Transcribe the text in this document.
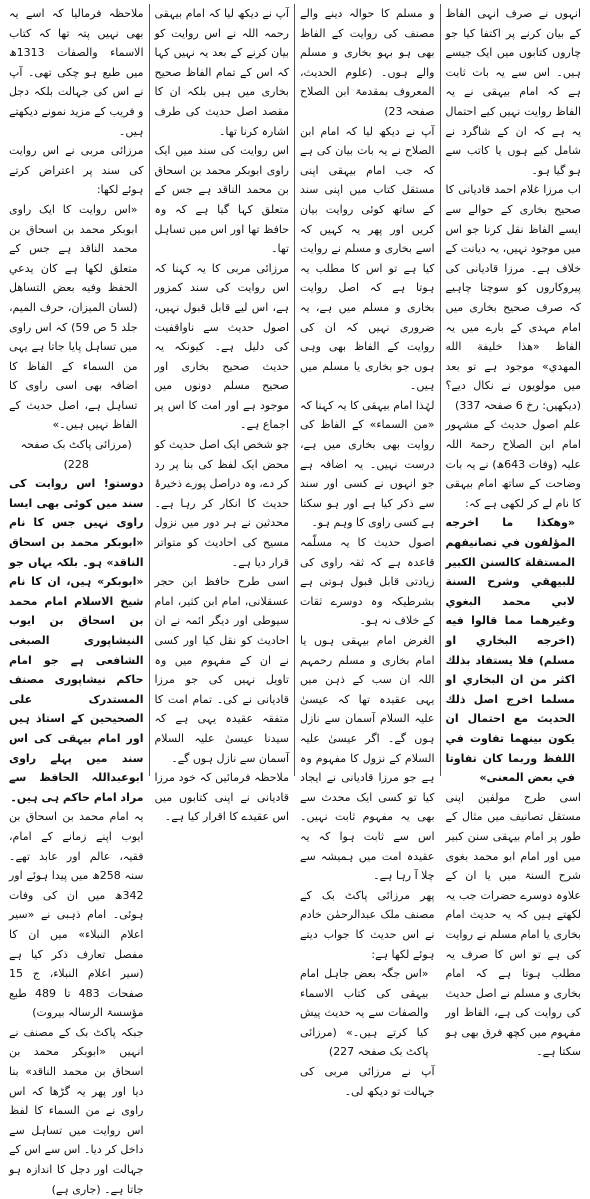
انہوں نے صرف انہی الفاظ کے بیان کرنے پر اکتفا کیا جو چاروں کتابوں میں ایک جیسے ہیں۔ اس سے یہ بات ثابت ہے کہ امام بیہقی نے یہ الفاظ روایت نہیں کیے احتمال یہ ہے کہ ان کے شاگرد نے شامل کیے ہوں یا کاتب سے ہو گیا ہو۔

اب مرزا غلام احمد قادیانی کا صحیح بخاری کے حوالے سے ایسے الفاظ نقل کرنا جو اس میں موجود نہیں، یہ دیانت کے خلاف ہے۔ مرزا قادیانی کی پیروکاروں کو سوچنا چاہیے کہ صرف صحیح بخاری میں امام مہدی کے بارے میں یہ الفاظ «هذا خليفة الله المهدي» موجود ہے تو بعد میں مولویوں نے نکال دیے؟ (دیکھیں: رخ 6 صفحہ 337)

علم اصول حدیث کے مشہور امام ابن الصلاح رحمۃ اللہ علیہ (وفات 643ھ) نے یہ بات وضاحت کے ساتھ امام بیہقی کا نام لے کر لکھی ہے کہ:

«وهكذا ما اخرجه المؤلفون في تصانيفهم المستقلة كالسنن الكبير للبيهقي وشرح السنة لابي محمد البغوي وغيرهما مما قالوا فيه (اخرجه البخاري او مسلم) فلا يستفاد بذلك اكثر من ان البخاري او مسلما اخرج اصل ذلك الحديث مع احتمال ان يكون بينهما تفاوت في اللفظ وربما كان تفاوتا في بعض المعنى»

اسی طرح مولفین اپنی مستقل تصانیف میں مثال کے طور پر امام بیہقی سنن کبیر میں اور امام ابو محمد بغوی شرح السنۃ میں یا ان کے علاوہ دوسرے حضرات جب یہ لکھتے ہیں کہ یہ حدیث امام بخاری یا امام مسلم نے روایت کی ہے تو اس کا صرف یہ مطلب ہوتا ہے کہ امام بخاری و مسلم نے اصل حدیث کی روایت کی ہے، الفاظ اور مفہوم میں کچھ فرق بھی ہو سکتا ہے۔

و مسلم کا حوالہ دینے والے مصنف کی روایت کے الفاظ بھی ہو بہو بخاری و مسلم والے ہوں۔ (علوم الحدیث، المعروف بمقدمۃ ابن الصلاح صفحہ 23)

آپ نے دیکھ لیا کہ امام ابن الصلاح نے یہ بات بیان کی ہے کہ جب امام بیہقی اپنی مستقل کتاب میں اپنی سند کے ساتھ کوئی روایت بیان کریں اور پھر یہ کہیں کہ اسے بخاری و مسلم نے روایت کیا ہے تو اس کا مطلب یہ ہوتا ہے کہ اصل روایت بخاری و مسلم میں ہے، یہ ضروری نہیں کہ ان کی روایت کے الفاظ بھی وہی ہوں جو بخاری یا مسلم میں ہیں۔

لہٰذا امام بیہقی کا یہ کہنا کہ «من السماء» کے الفاظ کی روایت بھی بخاری میں ہے، درست نہیں۔ یہ اضافہ ہے جو انہوں نے کسی اور سند سے ذکر کیا ہے اور ہو سکتا ہے کسی راوی کا وہم ہو۔

اصول حدیث کا یہ مسلّمہ قاعدہ ہے کہ ثقہ راوی کی زیادتی قابل قبول ہوتی ہے بشرطیکہ وہ دوسرے ثقات کے خلاف نہ ہو۔

الغرض امام بیہقی ہوں یا امام بخاری و مسلم رحمہم اللہ ان سب کے ذہن میں یہی عقیدہ تھا کہ عیسیٰ علیہ السلام آسمان سے نازل ہوں گے۔ اگر عیسیٰ علیہ السلام کے نزول کا مفہوم وہ ہے جو مرزا قادیانی نے ایجاد کیا تو کسی ایک محدث سے بھی یہ مفہوم ثابت نہیں۔ اس سے ثابت ہوا کہ یہ عقیدہ امت میں ہمیشہ سے چلا آ رہا ہے۔

پھر مرزائی پاکٹ بک کے مصنف ملک عبدالرحمٰن خادم نے اس حدیث کا جواب دیتے ہوئے لکھا ہے:

«اس جگہ بعض جاہل امام بیہقی کی کتاب الاسماء والصفات سے یہ حدیث پیش کیا کرتے ہیں۔» (مرزائی پاکٹ بک صفحہ 227)

آپ نے مرزائی مربی کی جہالت تو دیکھ لی۔

آپ نے دیکھ لیا کہ امام بیہقی رحمہ اللہ نے اس روایت کو بیان کرنے کے بعد یہ نہیں کہا کہ اس کے تمام الفاظ صحیح بخاری میں ہیں بلکہ ان کا مقصد اصل حدیث کی طرف اشارہ کرنا تھا۔

اس روایت کی سند میں ایک راوی ابوبکر محمد بن اسحاق بن محمد الناقد ہے جس کے متعلق کہا گیا ہے کہ وہ حافظ تھا اور اس میں تساہل تھا۔

مرزائی مربی کا یہ کہنا کہ اس روایت کی سند کمزور ہے، اس لیے قابل قبول نہیں، اصول حدیث سے ناواقفیت کی دلیل ہے۔ کیونکہ یہ حدیث صحیح بخاری اور صحیح مسلم دونوں میں موجود ہے اور امت کا اس پر اجماع ہے۔

جو شخص ایک اصل حدیث کو محض ایک لفظ کی بنا پر رد کر دے، وہ دراصل پورے ذخیرۂ حدیث کا انکار کر رہا ہے۔ محدثین نے ہر دور میں نزول مسیح کی احادیث کو متواتر قرار دیا ہے۔

اسی طرح حافظ ابن حجر عسقلانی، امام ابن کثیر، امام سیوطی اور دیگر ائمہ نے ان احادیث کو نقل کیا اور کسی نے ان کے مفہوم میں وہ تاویل نہیں کی جو مرزا قادیانی نے کی۔ تمام امت کا متفقہ عقیدہ یہی ہے کہ سیدنا عیسیٰ علیہ السلام آسمان سے نازل ہوں گے۔

ملاحظہ فرمائیں کہ خود مرزا قادیانی نے اپنی کتابوں میں اس عقیدے کا اقرار کیا ہے۔

ملاحظہ فرمالیا کہ اسے یہ بھی نہیں پتہ تھا کہ کتاب الاسماء والصفات 1313ھ میں طبع ہو چکی تھی۔ آپ نے اس کی جہالت بلکہ دجل و فریب کے مزید نمونے دیکھتے ہیں۔

مرزائی مربی نے اس روایت کی سند پر اعتراض کرتے ہوئے لکھا:

«اس روایت کا ایک راوی ابوبکر محمد بن اسحاق بن محمد الناقد ہے جس کے متعلق لکھا ہے کان يدعي الحفظ وفيه بعض التساهل (لسان المیزان، حرف المیم، جلد 5 ص 59) کہ اس راوی میں تساہل پایا جاتا ہے یہی من السماء کے الفاظ کا اضافہ بھی اسی راوی کا تساہل ہے، اصل حدیث کے الفاظ نہیں ہیں۔»

(مرزائی پاکٹ بک صفحہ 228)

دوستو! اس روایت کی سند میں کوئی بھی ایسا راوی نہیں جس کا نام «ابوبکر محمد بن اسحاق الناقد» ہو۔ بلکہ یہاں جو «ابوبکر» ہیں، ان کا نام شیخ الاسلام امام محمد بن اسحاق بن ایوب النیشاپوری الصبغی الشافعی ہے جو امام حاکم نیشاپوری مصنف المستدرک علی الصحیحین کے استاذ ہیں اور امام بیہقی کی اس سند میں پہلے راوی ابوعبداللہ الحافظ سے مراد امام حاکم ہی ہیں۔

یہ امام محمد بن اسحاق بن ایوب اپنے زمانے کے امام، فقیہ، عالم اور عابد تھے۔ سنہ 258ھ میں پیدا ہوئے اور 342ھ میں ان کی وفات ہوئی۔ امام ذہبی نے «سیر اعلام النبلاء» میں ان کا مفصل تعارف ذکر کیا ہے (سیر اعلام النبلاء، ج 15 صفحات 483 تا 489 طبع مؤسسۃ الرسالہ بیروت)

جبکہ پاکٹ بک کے مصنف نے انہیں «ابوبکر محمد بن اسحاق بن محمد الناقد» بنا دیا اور پھر یہ گڑھا کہ اس راوی نے من السماء کا لفظ اس روایت میں تساہل سے داخل کر دیا۔ اس سے اس کے جہالت اور دجل کا اندازہ ہو جاتا ہے۔ (جاری ہے)
